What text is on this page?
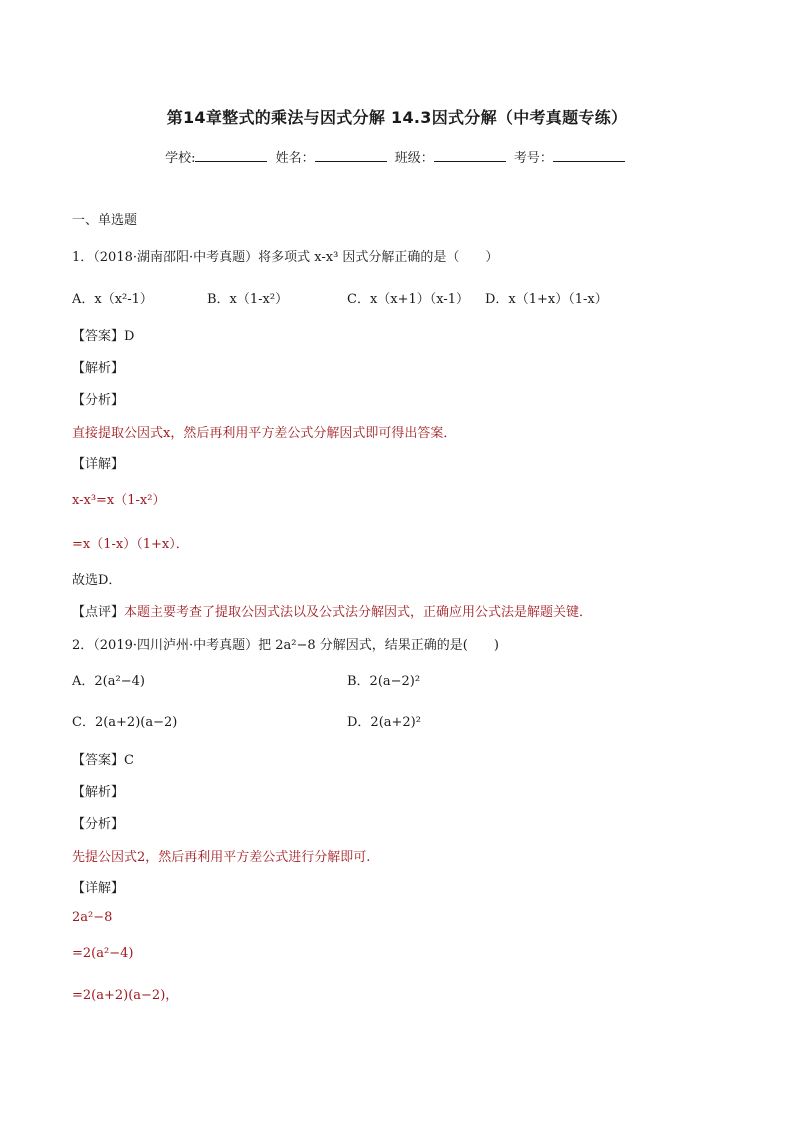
第14章整式的乘法与因式分解 14.3因式分解（中考真题专练）
学校:	姓名：	班级：	考号：
一、单选题
1．（2018·湖南邵阳·中考真题）将多项式 x-x³ 因式分解正确的是（　　）
A．x（x²-1）	B．x（1-x²）	C．x（x+1）（x-1） D．x（1+x）（1-x）
【答案】D
【解析】
【分析】
直接提取公因式x，然后再利用平方差公式分解因式即可得出答案．
【详解】
x-x³=x（1-x²）
=x（1-x）（1+x）．
故选D．
【点评】本题主要考查了提取公因式法以及公式法分解因式，正确应用公式法是解题关键．
2．（2019·四川泸州·中考真题）把 2a²−8 分解因式，结果正确的是(　　)
A．2(a²−4)	B．2(a−2)²
C．2(a+2)(a−2)	D．2(a+2)²
【答案】C
【解析】
【分析】
先提公因式2，然后再利用平方差公式进行分解即可.
【详解】
2a²−8
=2(a²−4)
=2(a+2)(a−2)，
